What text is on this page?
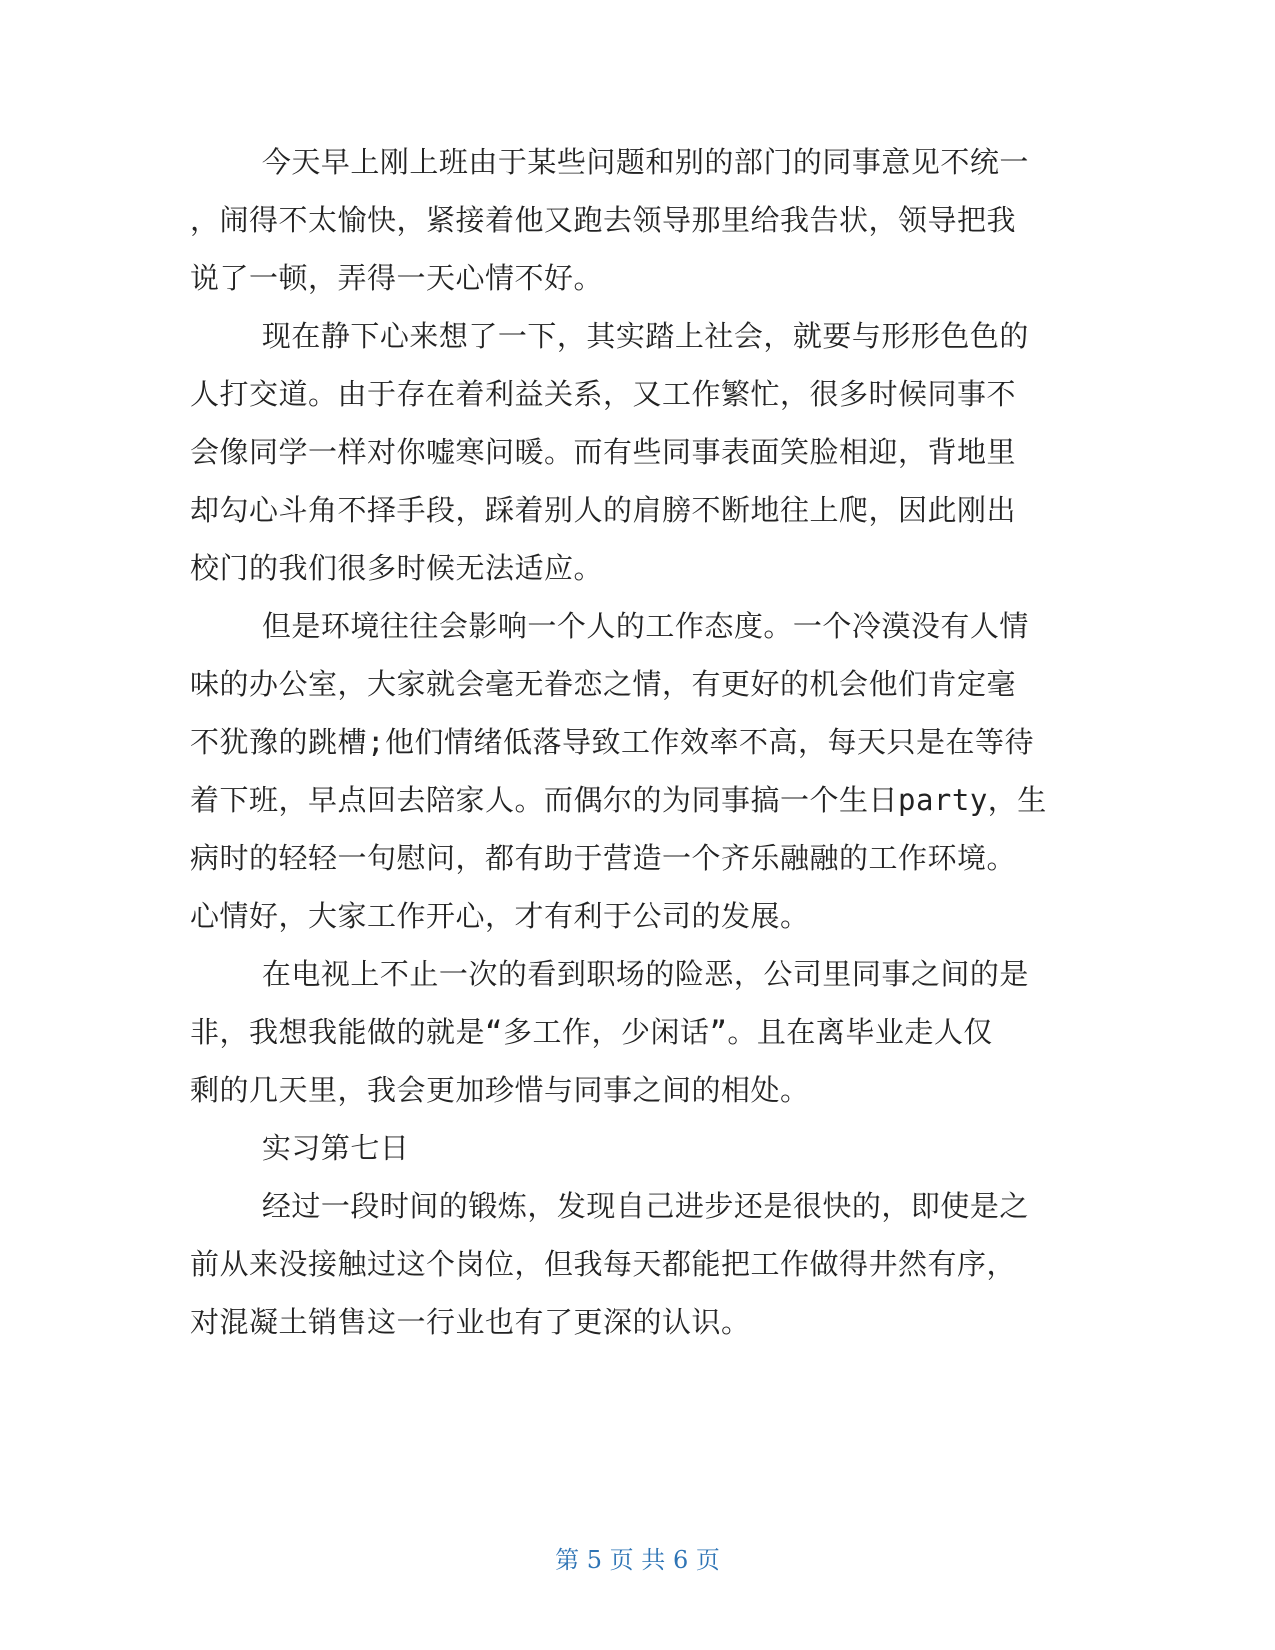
今天早上刚上班由于某些问题和别的部门的同事意见不统一
，闹得不太愉快，紧接着他又跑去领导那里给我告状，领导把我
说了一顿，弄得一天心情不好。
现在静下心来想了一下，其实踏上社会，就要与形形色色的
人打交道。由于存在着利益关系，又工作繁忙，很多时候同事不
会像同学一样对你嘘寒问暖。而有些同事表面笑脸相迎，背地里
却勾心斗角不择手段，踩着别人的肩膀不断地往上爬，因此刚出
校门的我们很多时候无法适应。
但是环境往往会影响一个人的工作态度。一个冷漠没有人情
味的办公室，大家就会毫无眷恋之情，有更好的机会他们肯定毫
不犹豫的跳槽;他们情绪低落导致工作效率不高，每天只是在等待
着下班，早点回去陪家人。而偶尔的为同事搞一个生日party，生
病时的轻轻一句慰问，都有助于营造一个齐乐融融的工作环境。
心情好，大家工作开心，才有利于公司的发展。
在电视上不止一次的看到职场的险恶，公司里同事之间的是
非，我想我能做的就是“多工作，少闲话”。且在离毕业走人仅
剩的几天里，我会更加珍惜与同事之间的相处。
实习第七日
经过一段时间的锻炼，发现自己进步还是很快的，即使是之
前从来没接触过这个岗位，但我每天都能把工作做得井然有序，
对混凝土销售这一行业也有了更深的认识。
第 5 页 共 6 页
